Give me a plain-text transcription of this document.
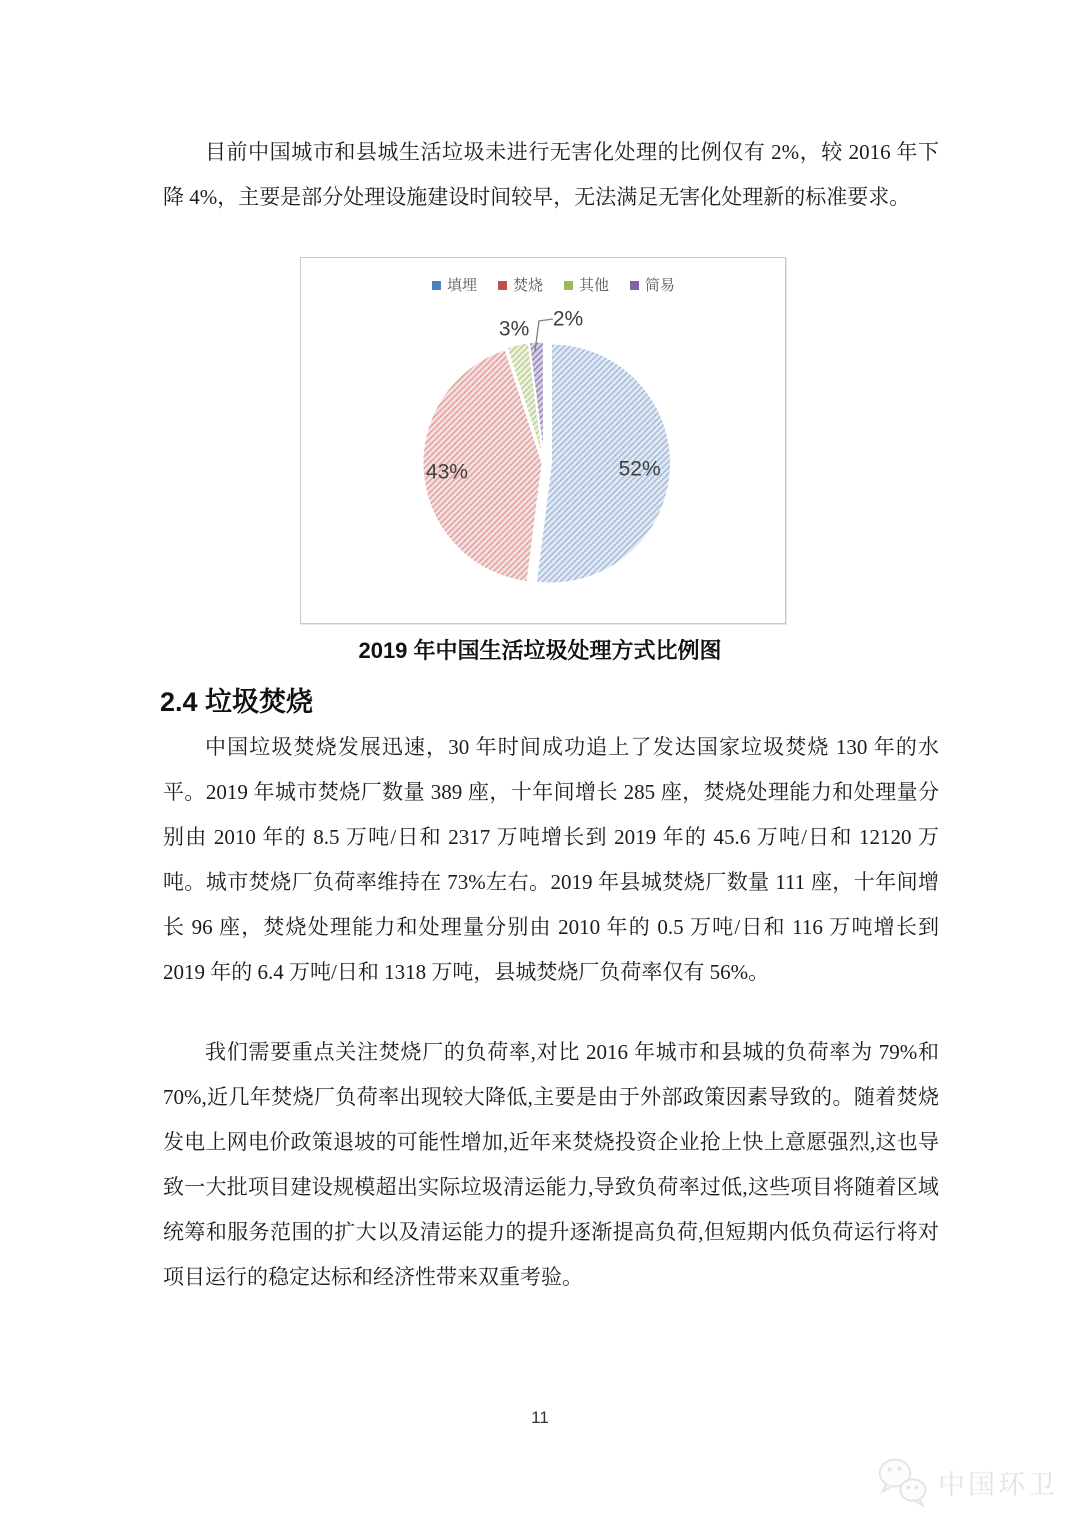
目前中国城市和县城生活垃圾未进行无害化处理的比例仅有 2%，较 2016 年下降 4%，主要是部分处理设施建设时间较早，无法满足无害化处理新的标准要求。

填埋 焚烧 其他 简易
52%
43%
3% 2%
2019 年中国生活垃圾处理方式比例图
2.4 垃圾焚烧

中国垃圾焚烧发展迅速，30 年时间成功追上了发达国家垃圾焚烧 130 年的水平。2019 年城市焚烧厂数量 389 座，十年间增长 285 座，焚烧处理能力和处理量分别由 2010 年的 8.5 万吨/日和 2317 万吨增长到 2019 年的 45.6 万吨/日和 12120 万吨。城市焚烧厂负荷率维持在 73%左右。2019 年县城焚烧厂数量 111 座，十年间增长 96 座，焚烧处理能力和处理量分别由 2010 年的 0.5 万吨/日和 116 万吨增长到 2019 年的 6.4 万吨/日和 1318 万吨，县城焚烧厂负荷率仅有 56%。

我们需要重点关注焚烧厂的负荷率,对比 2016 年城市和县城的负荷率为 79%和 70%,近几年焚烧厂负荷率出现较大降低,主要是由于外部政策因素导致的。随着焚烧发电上网电价政策退坡的可能性增加,近年来焚烧投资企业抢上快上意愿强烈,这也导致一大批项目建设规模超出实际垃圾清运能力,导致负荷率过低,这些项目将随着区域统筹和服务范围的扩大以及清运能力的提升逐渐提高负荷,但短期内低负荷运行将对项目运行的稳定达标和经济性带来双重考验。

11
中国环卫
